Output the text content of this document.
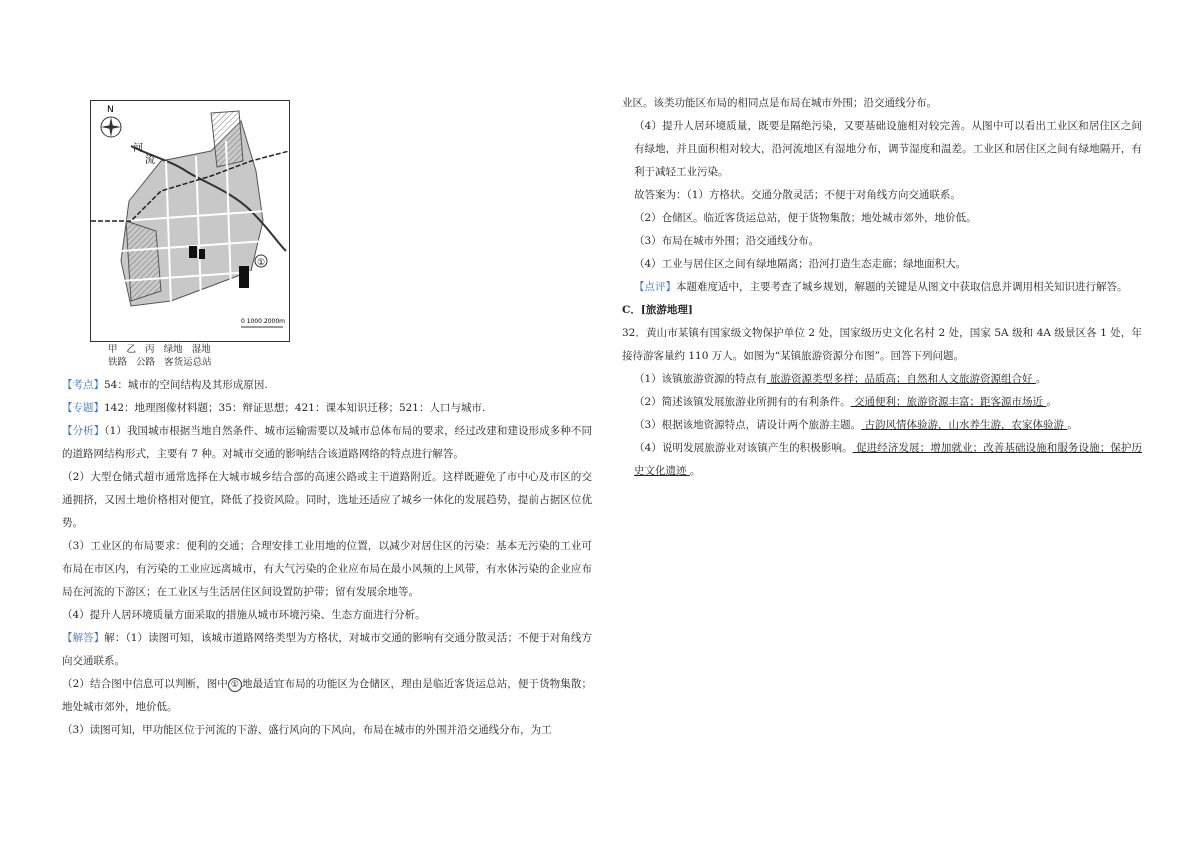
N
河
流
①
0 1000 2000m
甲 乙 丙 绿地 湿地
铁路 公路 客货运总站

【考点】54：城市的空间结构及其形成原因.

【专题】142：地理图像材料题；35：辩证思想；421：课本知识迁移；521：人口与城市.

【分析】（1）我国城市根据当地自然条件、城市运输需要以及城市总体布局的要求，经过改建和建设形成多种不同的道路网结构形式，主要有 7 种。对城市交通的影响结合该道路网络的特点进行解答。

（2）大型仓储式超市通常选择在大城市城乡结合部的高速公路或主干道路附近。这样既避免了市中心及市区的交通拥挤，又因土地价格相对便宜，降低了投资风险。同时，选址还适应了城乡一体化的发展趋势，提前占据区位优势。

（3）工业区的布局要求：便利的交通；合理安排工业用地的位置，以减少对居住区的污染：基本无污染的工业可布局在市区内，有污染的工业应远离城市，有大气污染的企业应布局在最小风频的上风带，有水体污染的企业应布局在河流的下游区；在工业区与生活居住区间设置防护带；留有发展余地等。

（4）提升人居环境质量方面采取的措施从城市环境污染、生态方面进行分析。

【解答】解：（1）读图可知，该城市道路网络类型为方格状，对城市交通的影响有交通分散灵活；不便于对角线方向交通联系。

（2）结合图中信息可以判断，图中 ① 地最适宜布局的功能区为仓储区，理由是临近客货运总站，便于货物集散；地处城市郊外，地价低。

（3）读图可知，甲功能区位于河流的下游、盛行风向的下风向，布局在城市的外围并沿交通线分布，为工

业区。该类功能区布局的相同点是布局在城市外围；沿交通线分布。

（4）提升人居环境质量，既要是隔绝污染，又要基础设施相对较完善。从图中可以看出工业区和居住区之间有绿地，并且面积相对较大，沿河流地区有湿地分布，调节湿度和温差。工业区和居住区之间有绿地隔开，有利于减轻工业污染。

故答案为：（1）方格状。交通分散灵活；不便于对角线方向交通联系。

（2）仓储区。临近客货运总站，便于货物集散；地处城市郊外，地价低。

（3）布局在城市外围；沿交通线分布。

（4）工业与居住区之间有绿地隔离；沿河打造生态走廊；绿地面积大。

【点评】本题难度适中，主要考查了城乡规划，解题的关键是从图文中获取信息并调用相关知识进行解答。

C．[旅游地理]

32．黄山市某镇有国家级文物保护单位 2 处，国家级历史文化名村 2 处，国家 5A 级和 4A 级景区各 1 处，年接待游客量约 110 万人。如图为“某镇旅游资源分布图”。回答下列问题。

（1）该镇旅游资源的特点有 旅游资源类型多样；品质高；自然和人文旅游资源组合好 。

（2）简述该镇发展旅游业所拥有的有利条件。 交通便利；旅游资源丰富；距客源市场近 。

（3）根据该地资源特点，请设计两个旅游主题。 古韵风情体验游，山水养生游，农家体验游 。

（4）说明发展旅游业对该镇产生的积极影响。 促进经济发展；增加就业；改善基础设施和服务设施；保护历史文化遗迹 。
